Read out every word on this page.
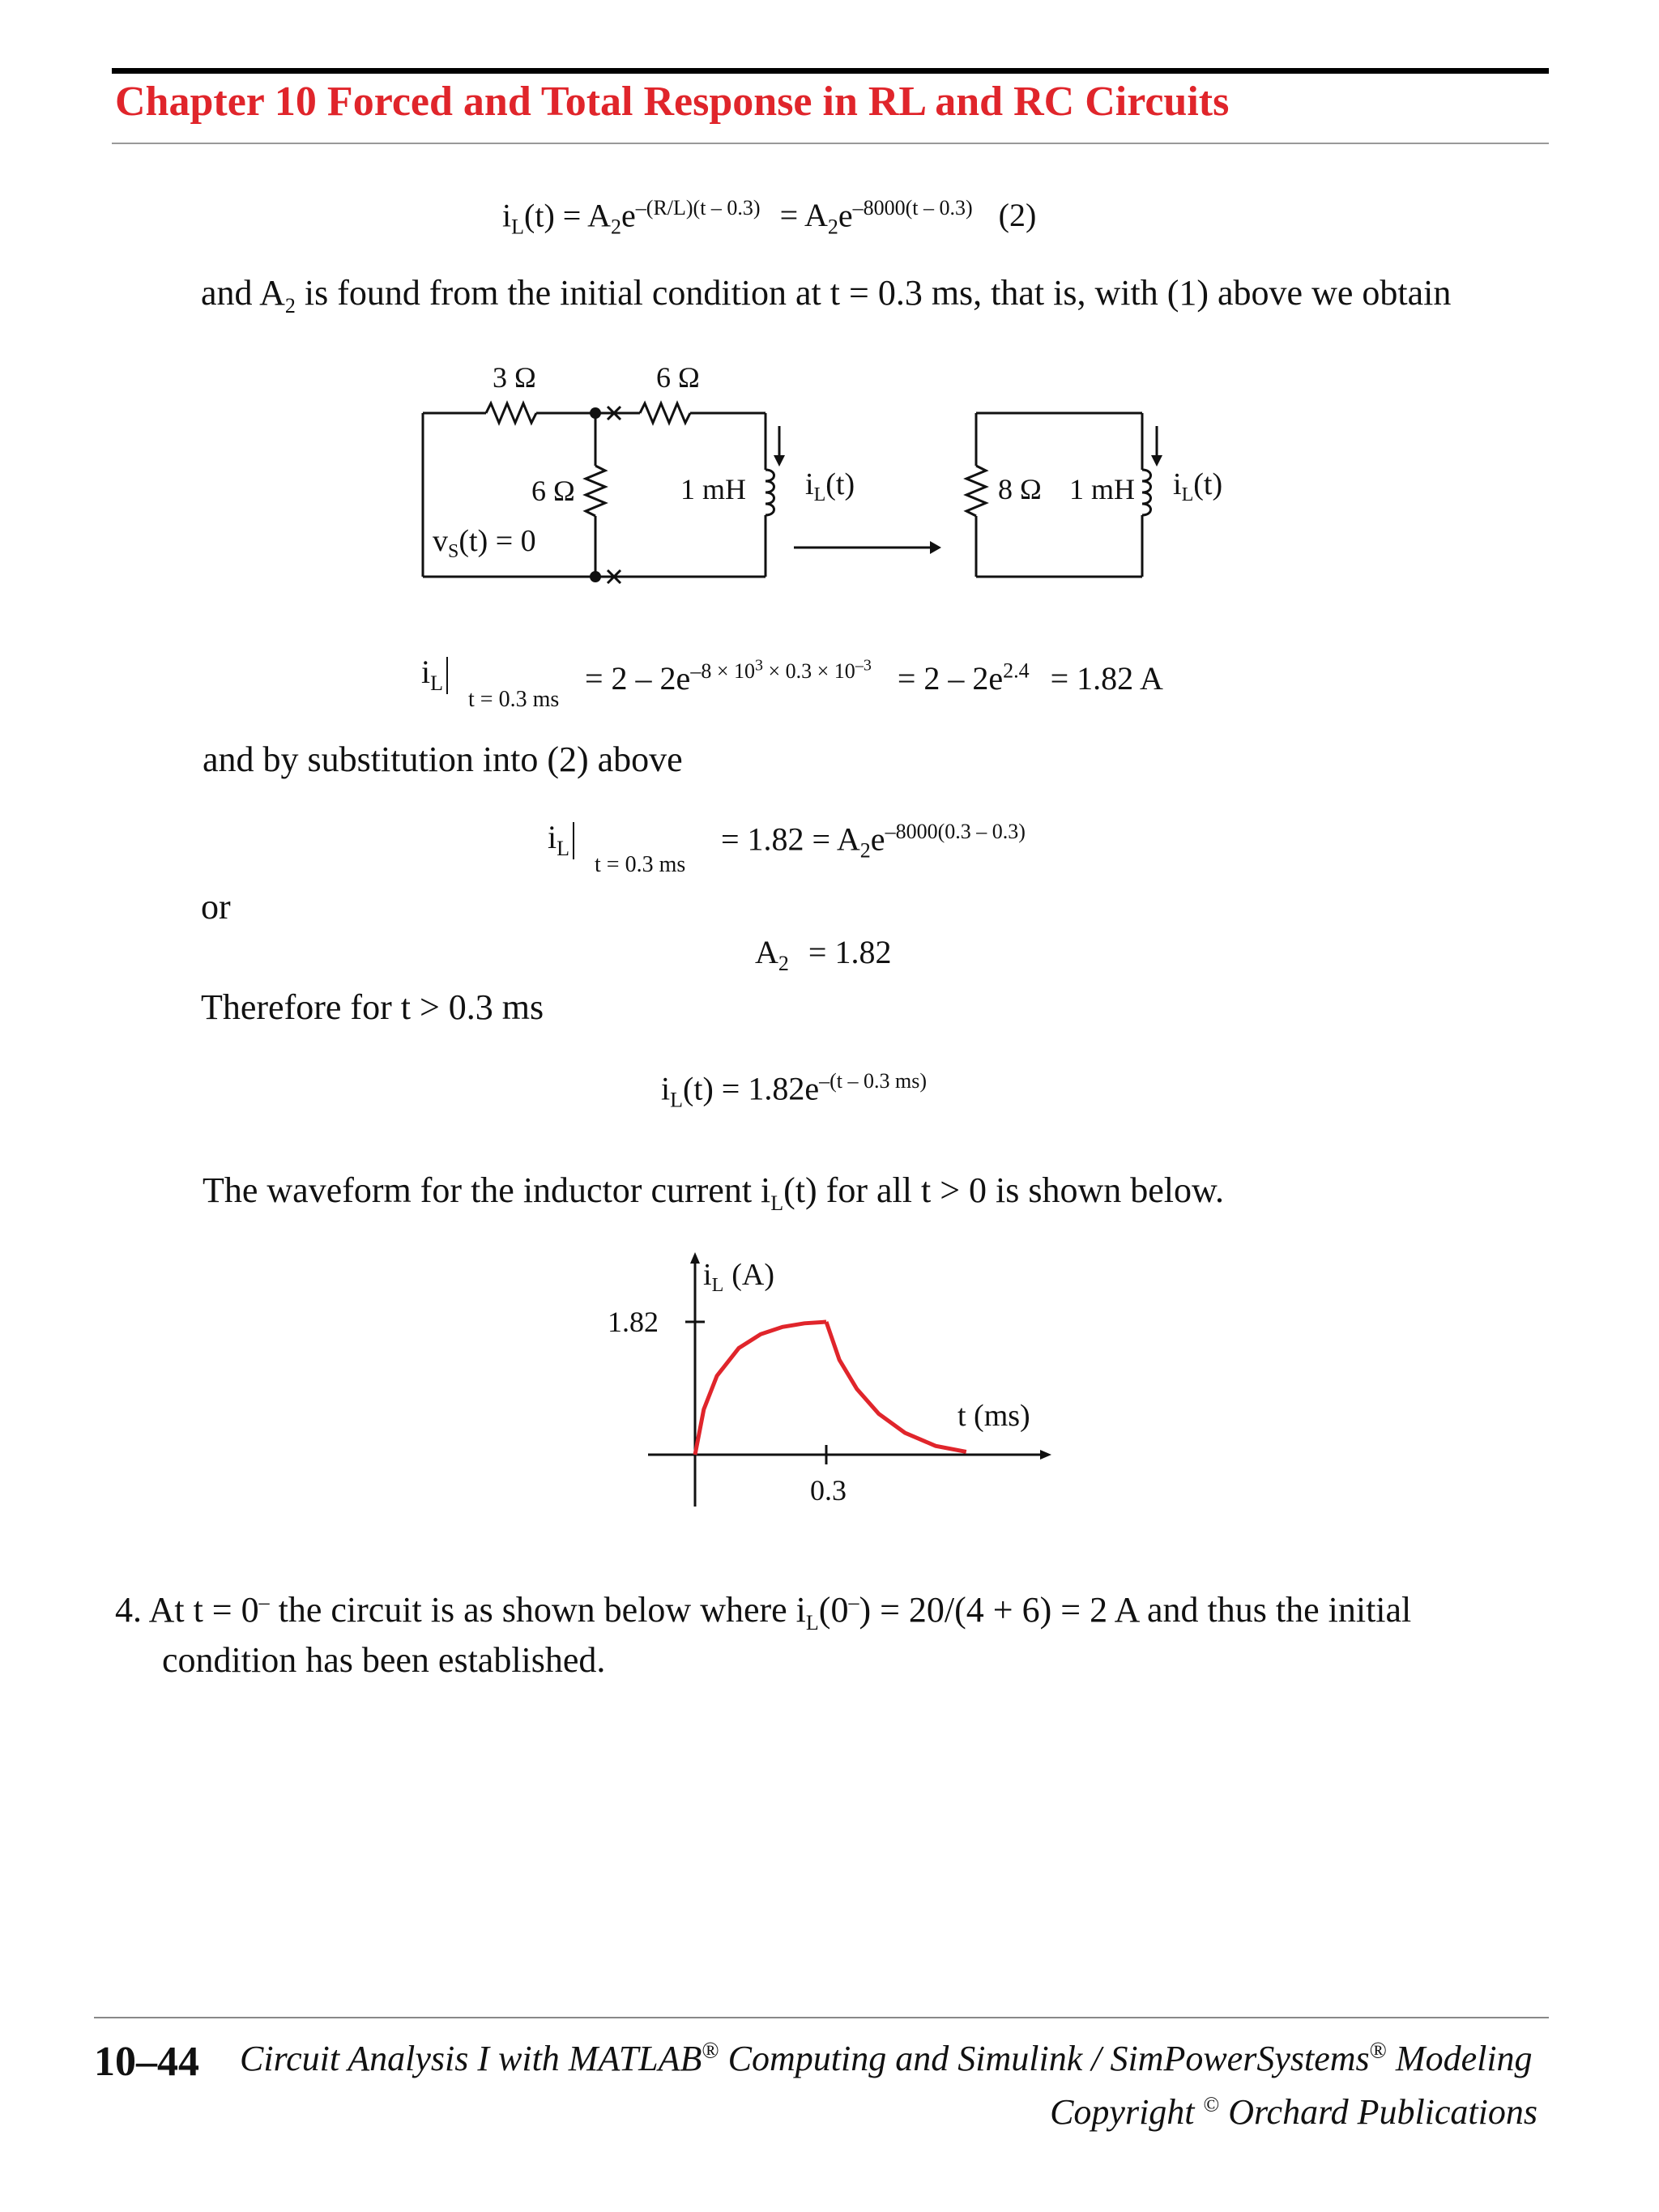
Chapter 10 Forced and Total Response in RL and RC Circuits
$i_L(t) = A_2e^{-(R/L)(t - 0.3)} = A_2e^{-8000(t - 0.3)}$ (2)
and $A_2$ is found from the initial condition at t = 0.3 ms, that is, with (1) above we obtain
3 Ω	6 Ω
6 Ω	1 mH $i_L(t)$
$v_S(t) = 0$
8 Ω 1 mH $i_L(t)$
$i_L$
t = 0.3 ms
= $2 - 2e^{-8 \times 10^3 \times 0.3 \times 10^{-3}} = 2 - 2e^{2.4} = 1.82$ A
and by substitution into (2) above
$i_L$
t = 0.3 ms
= $1.82 = A_2e^{-8000(0.3 - 0.3)}$
or
$A_2 = 1.82$
Therefore for t > 0.3 ms
$i_L(t) = 1.82e^{-(t - 0.3 ms)}$
The waveform for the inductor current $i_L(t)$ for all t > 0 is shown below.
$i_L$ (A)
1.82
t (ms)
0.3
4. At t = 0– the circuit is as shown below where $i_L(0^-) = 20/(4 + 6) = 2$ A and thus the initial
condition has been established.
10–44 Circuit Analysis I with MATLAB® Computing and Simulink / SimPowerSystems® Modeling
Copyright © Orchard Publications
